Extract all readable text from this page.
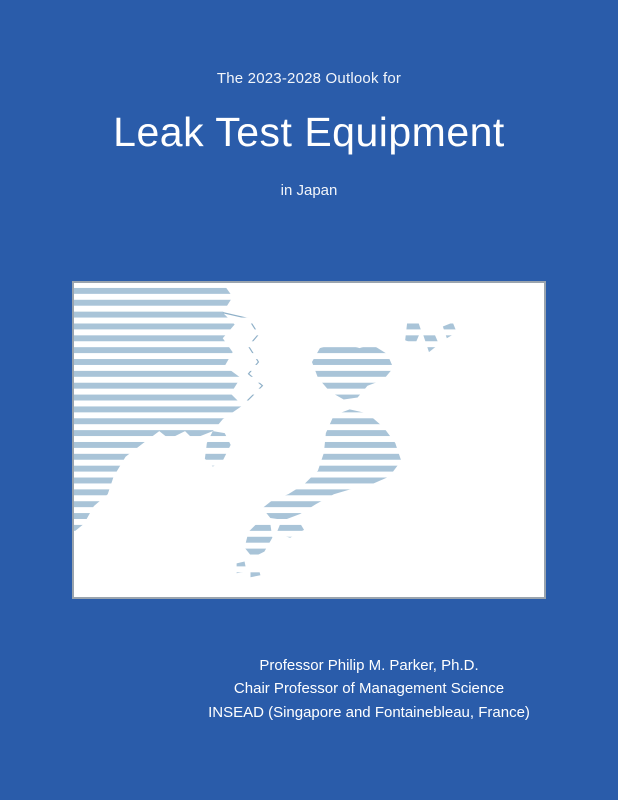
The 2023-2028 Outlook for
Leak Test Equipment
in Japan
Professor Philip M. Parker, Ph.D.
Chair Professor of Management Science
INSEAD (Singapore and Fontainebleau, France)
